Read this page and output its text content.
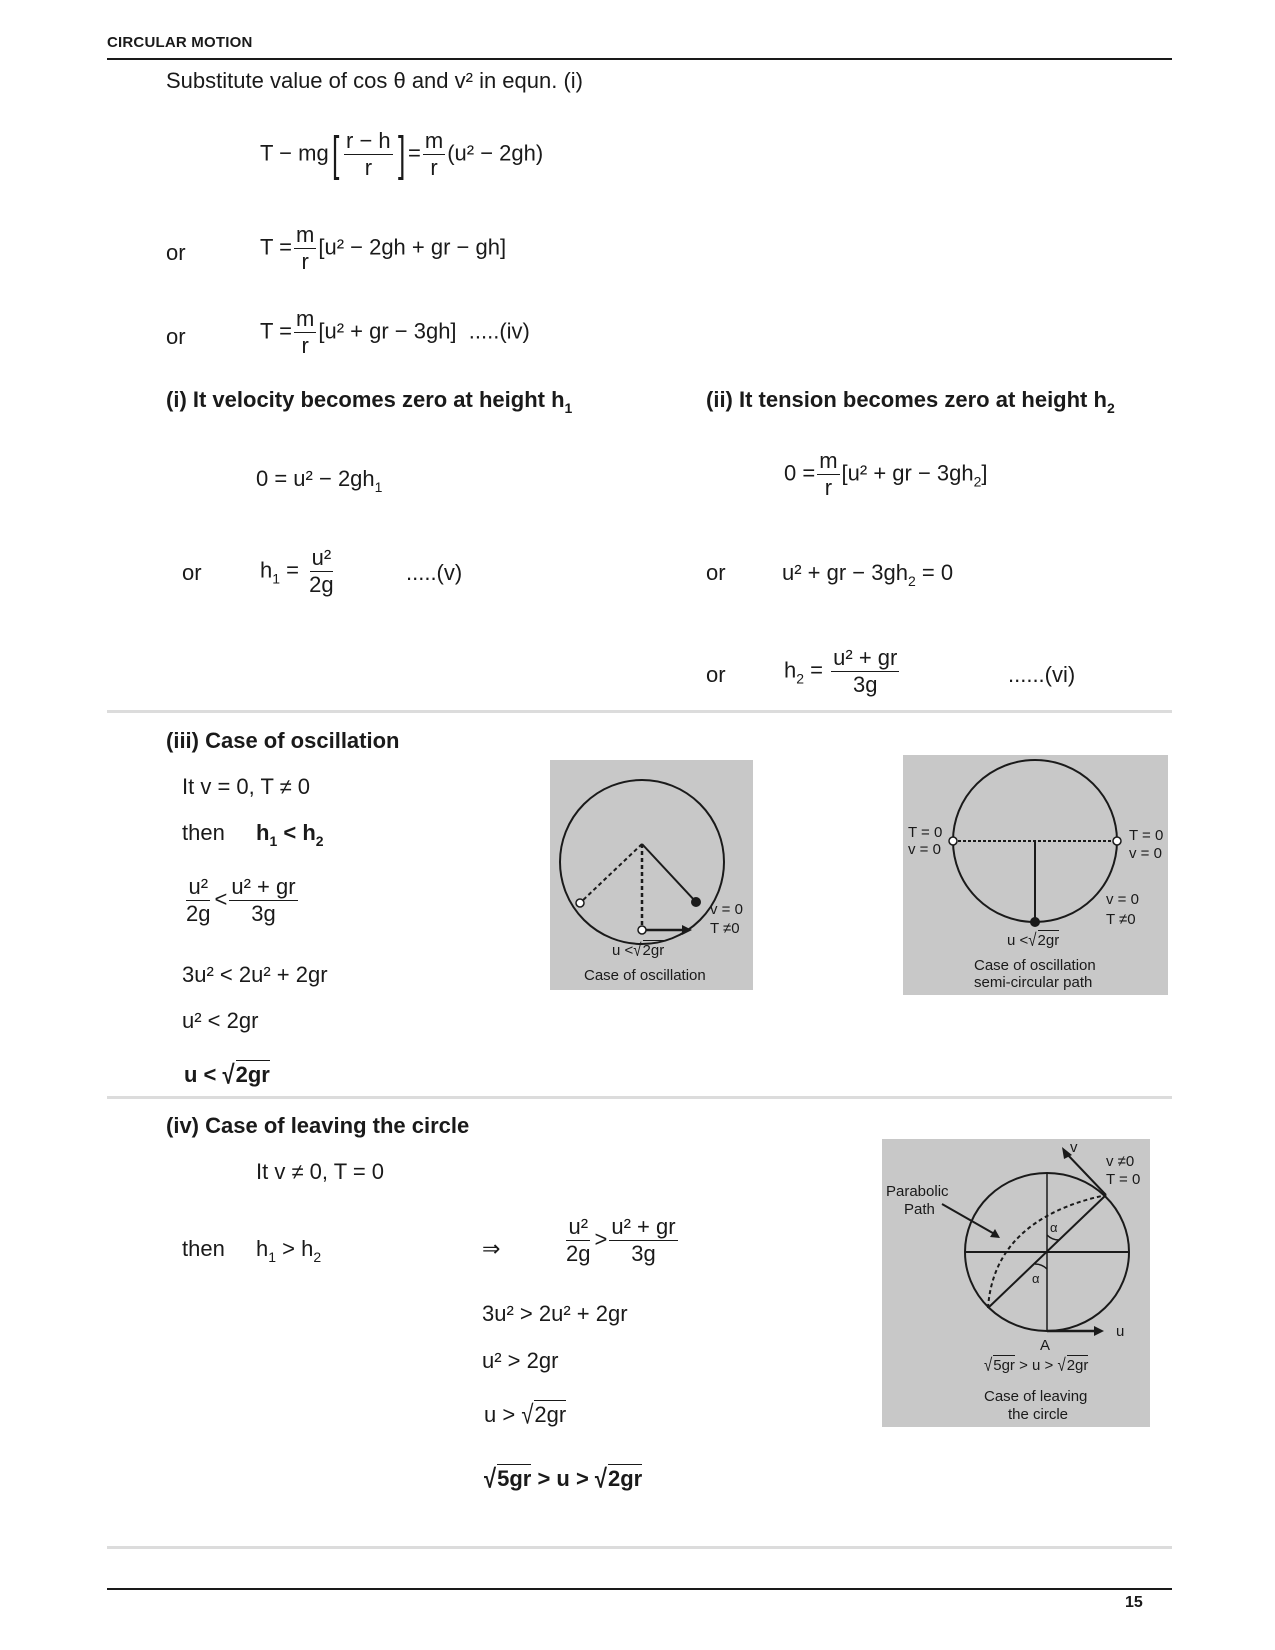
CIRCULAR MOTION
Substitute value of cos θ and v² in equn. (i)
$T - mg[ \frac{r - h}{r}$ ] = $\frac{m}{r} (u^2 - 2gh)$
or	$T = \frac{m}{r} [u^2 - 2gh$ + gr − gh]
or	$T = \frac{m}{r} [u^2$ + gr − 3gh] .....(iv)
(i) It velocity becomes zero at height $h_1$
$0 = u^2 - 2gh_1$
or	$h_1 = \frac{\text{u²}}{2g}$	.....(v)
(ii) It tension becomes zero at height $h_2$
$0 = \frac{m}{r} [u^2$ + gr − $3gh_2$]
or	u² + gr − $3gh_2 = 0$
or	$h_2 = \frac{\text{u² + gr}}{3g}$	......(vi)
(iii) Case of oscillation
It v = 0, T ≠ 0
then $h_1 < h_2$
$\frac{\text{u²}}{2g} < \frac{\text{u² + gr}}{3g}$
3u² < 2u² + 2gr
u² < 2gr
u < √2gr
v = 0
T ≠0
u <√2gr
Case of oscillation
T = 0
v = 0
T = 0
v = 0
v = 0
T ≠0
u <√2gr
Case of oscillation
semi-circular path
(iv) Case of leaving the circle
It v ≠ 0, T = 0
then $h_1 > h_2$	⇒	$\frac{\text{u²}}{2g} > \frac{\text{u² + gr}}{3g}$
3u² > 2u² + 2gr
u² > 2gr
u > √2gr
√5gr > u > √2gr
Parabolic
Path
v
v ≠0
T = 0
α
α
u
A
√5gr > u > √2gr
Case of leaving
the circle
15
